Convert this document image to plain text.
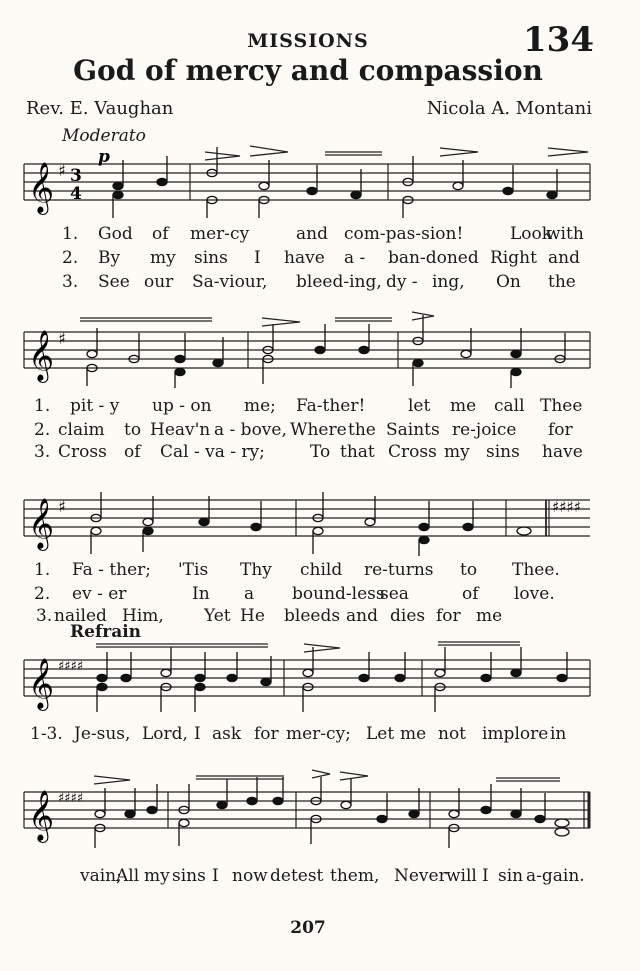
MISSIONS	134
God of mercy and compassion
Rev. E. Vaughan	Nicola A. Montani
Moderato
Refrain
207
𝄞 ♯ 3
4
p
1. God of mer-cy	and com-pas-sion!	Look
with
2. By my sins I have a - ban-doned Right and
3. See our Sa-viour, bleed-ing, dy - ing, On the
𝄞 ♯
1. pit - y up - on me; Fa-ther!	let me call Thee
2. claim to Heav'n a - bove, Where the Saints re-joice for
3. Cross of Cal - va - ry;	To that Cross my sins have
𝄞 ♯	♯♯♯♯
1. Fa - ther; 'Tis Thy child re-turns to Thee.
2. ev - er	In a bound-less
sea	of love.
3. nailed Him, Yet He bleeds and dies for me
𝄞 ♯♯♯♯
1-3. Je-sus, Lord, I ask for mer-cy; Let me not implore in
𝄞 ♯♯♯♯
vain;
All my sins I now detest them, Never will I sin a-gain.
